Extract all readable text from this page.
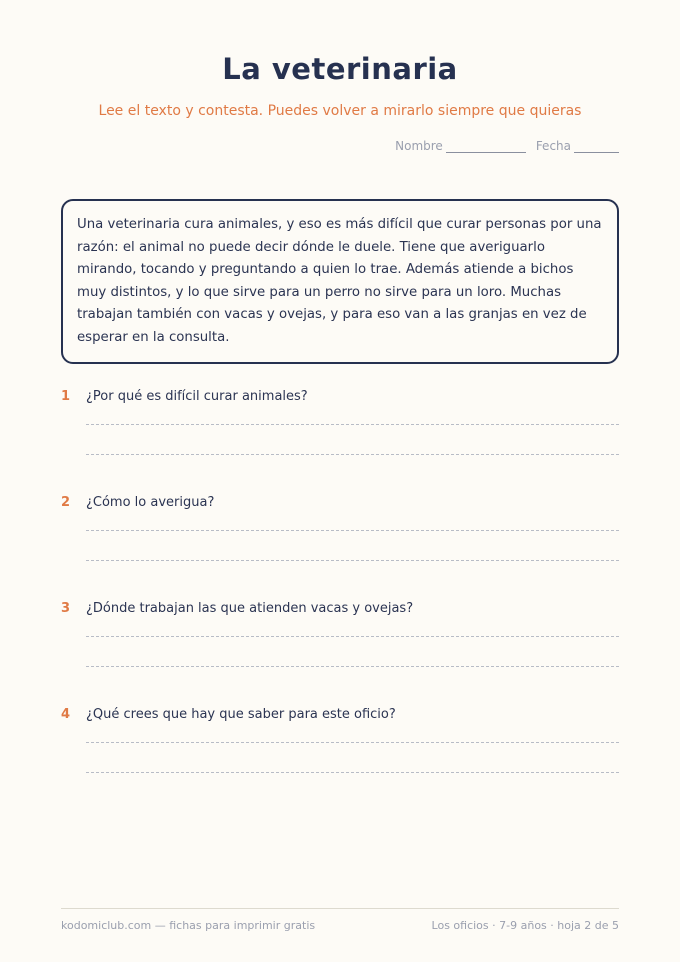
La veterinaria
Lee el texto y contesta. Puedes volver a mirarlo siempre que quieras
Nombre	Fecha

Una veterinaria cura animales, y eso es más difícil que curar personas por una razón: el animal no puede decir dónde le duele. Tiene que averiguarlo mirando, tocando y preguntando a quien lo trae. Además atiende a bichos muy distintos, y lo que sirve para un perro no sirve para un loro. Muchas trabajan también con vacas y ovejas, y para eso van a las granjas en vez de esperar en la consulta.

1	¿Por qué es difícil curar animales?
2	¿Cómo lo averigua?
3	¿Dónde trabajan las que atienden vacas y ovejas?
4	¿Qué crees que hay que saber para este oficio?
kodomiclub.com — fichas para imprimir gratis	Los oficios · 7-9 años · hoja 2 de 5
